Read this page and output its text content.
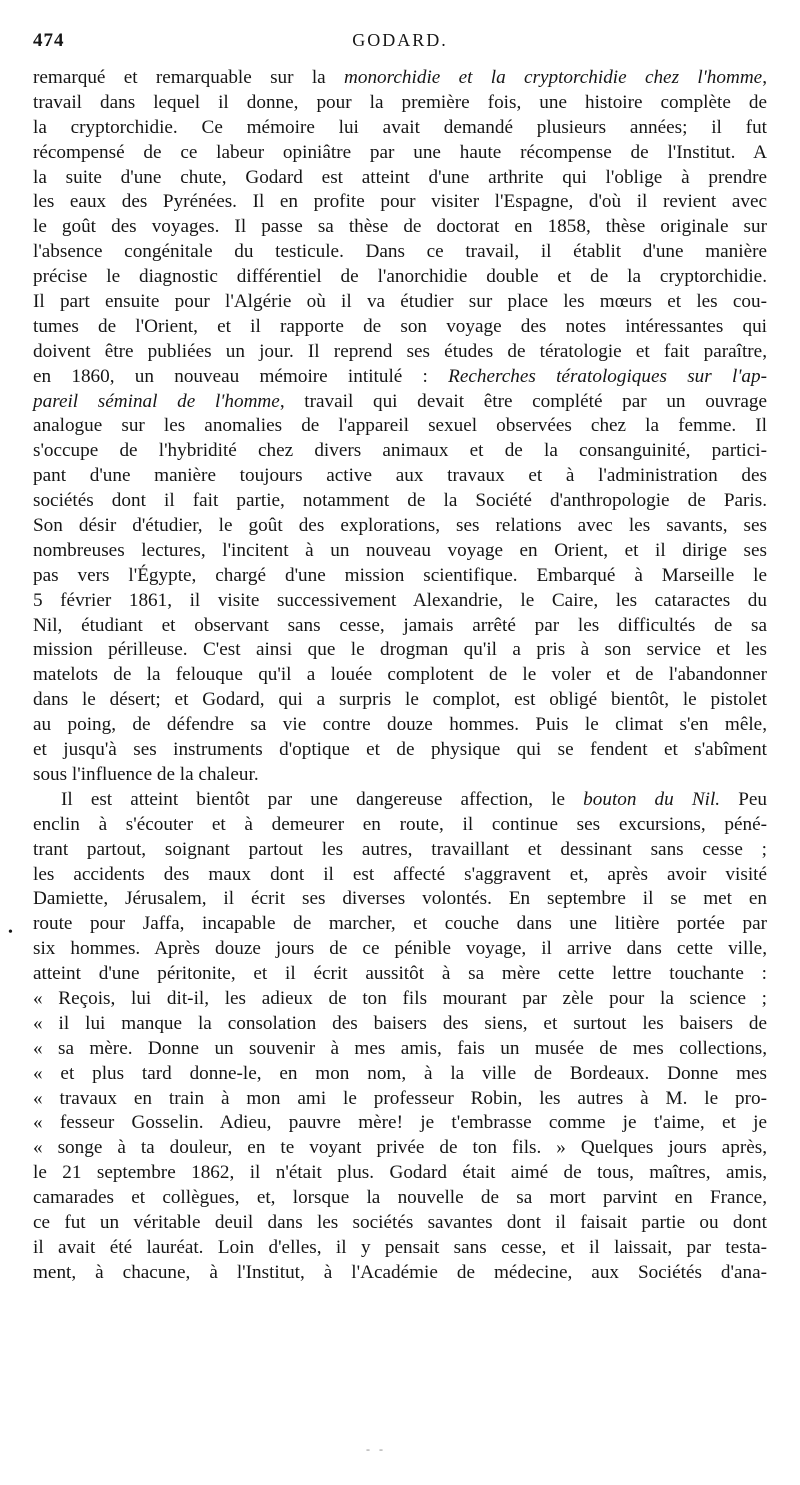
474	GODARD.
remarqué et remarquable sur la monorchidie et la cryptorchidie chez l'homme,
travail dans lequel il donne, pour la première fois, une histoire complète de
la cryptorchidie. Ce mémoire lui avait demandé plusieurs années; il fut
récompensé de ce labeur opiniâtre par une haute récompense de l'Institut. A
la suite d'une chute, Godard est atteint d'une arthrite qui l'oblige à prendre
les eaux des Pyrénées. Il en profite pour visiter l'Espagne, d'où il revient avec
le goût des voyages. Il passe sa thèse de doctorat en 1858, thèse originale sur
l'absence congénitale du testicule. Dans ce travail, il établit d'une manière
précise le diagnostic différentiel de l'anorchidie double et de la cryptorchidie.
Il part ensuite pour l'Algérie où il va étudier sur place les mœurs et les cou-
tumes de l'Orient, et il rapporte de son voyage des notes intéressantes qui
doivent être publiées un jour. Il reprend ses études de tératologie et fait paraître,
en 1860, un nouveau mémoire intitulé : Recherches tératologiques sur l'ap-
pareil séminal de l'homme, travail qui devait être complété par un ouvrage
analogue sur les anomalies de l'appareil sexuel observées chez la femme. Il
s'occupe de l'hybridité chez divers animaux et de la consanguinité, partici-
pant d'une manière toujours active aux travaux et à l'administration des
sociétés dont il fait partie, notamment de la Société d'anthropologie de Paris.
Son désir d'étudier, le goût des explorations, ses relations avec les savants, ses
nombreuses lectures, l'incitent à un nouveau voyage en Orient, et il dirige ses
pas vers l'Égypte, chargé d'une mission scientifique. Embarqué à Marseille le
5 février 1861, il visite successivement Alexandrie, le Caire, les cataractes du
Nil, étudiant et observant sans cesse, jamais arrêté par les difficultés de sa
mission périlleuse. C'est ainsi que le drogman qu'il a pris à son service et les
matelots de la felouque qu'il a louée complotent de le voler et de l'abandonner
dans le désert; et Godard, qui a surpris le complot, est obligé bientôt, le pistolet
au poing, de défendre sa vie contre douze hommes. Puis le climat s'en mêle,
et jusqu'à ses instruments d'optique et de physique qui se fendent et s'abîment
sous l'influence de la chaleur.
Il est atteint bientôt par une dangereuse affection, le bouton du Nil. Peu
enclin à s'écouter et à demeurer en route, il continue ses excursions, péné-
trant partout, soignant partout les autres, travaillant et dessinant sans cesse ;
les accidents des maux dont il est affecté s'aggravent et, après avoir visité
Damiette, Jérusalem, il écrit ses diverses volontés. En septembre il se met en
route pour Jaffa, incapable de marcher, et couche dans une litière portée par
six hommes. Après douze jours de ce pénible voyage, il arrive dans cette ville,
atteint d'une péritonite, et il écrit aussitôt à sa mère cette lettre touchante :
« Reçois, lui dit-il, les adieux de ton fils mourant par zèle pour la science ;
« il lui manque la consolation des baisers des siens, et surtout les baisers de
« sa mère. Donne un souvenir à mes amis, fais un musée de mes collections,
« et plus tard donne-le, en mon nom, à la ville de Bordeaux. Donne mes
« travaux en train à mon ami le professeur Robin, les autres à M. le pro-
« fesseur Gosselin. Adieu, pauvre mère! je t'embrasse comme je t'aime, et je
« songe à ta douleur, en te voyant privée de ton fils. » Quelques jours après,
le 21 septembre 1862, il n'était plus. Godard était aimé de tous, maîtres, amis,
camarades et collègues, et, lorsque la nouvelle de sa mort parvint en France,
ce fut un véritable deuil dans les sociétés savantes dont il faisait partie ou dont
il avait été lauréat. Loin d'elles, il y pensait sans cesse, et il laissait, par testa-
ment, à chacune, à l'Institut, à l'Académie de médecine, aux Sociétés d'ana-
•
- -
